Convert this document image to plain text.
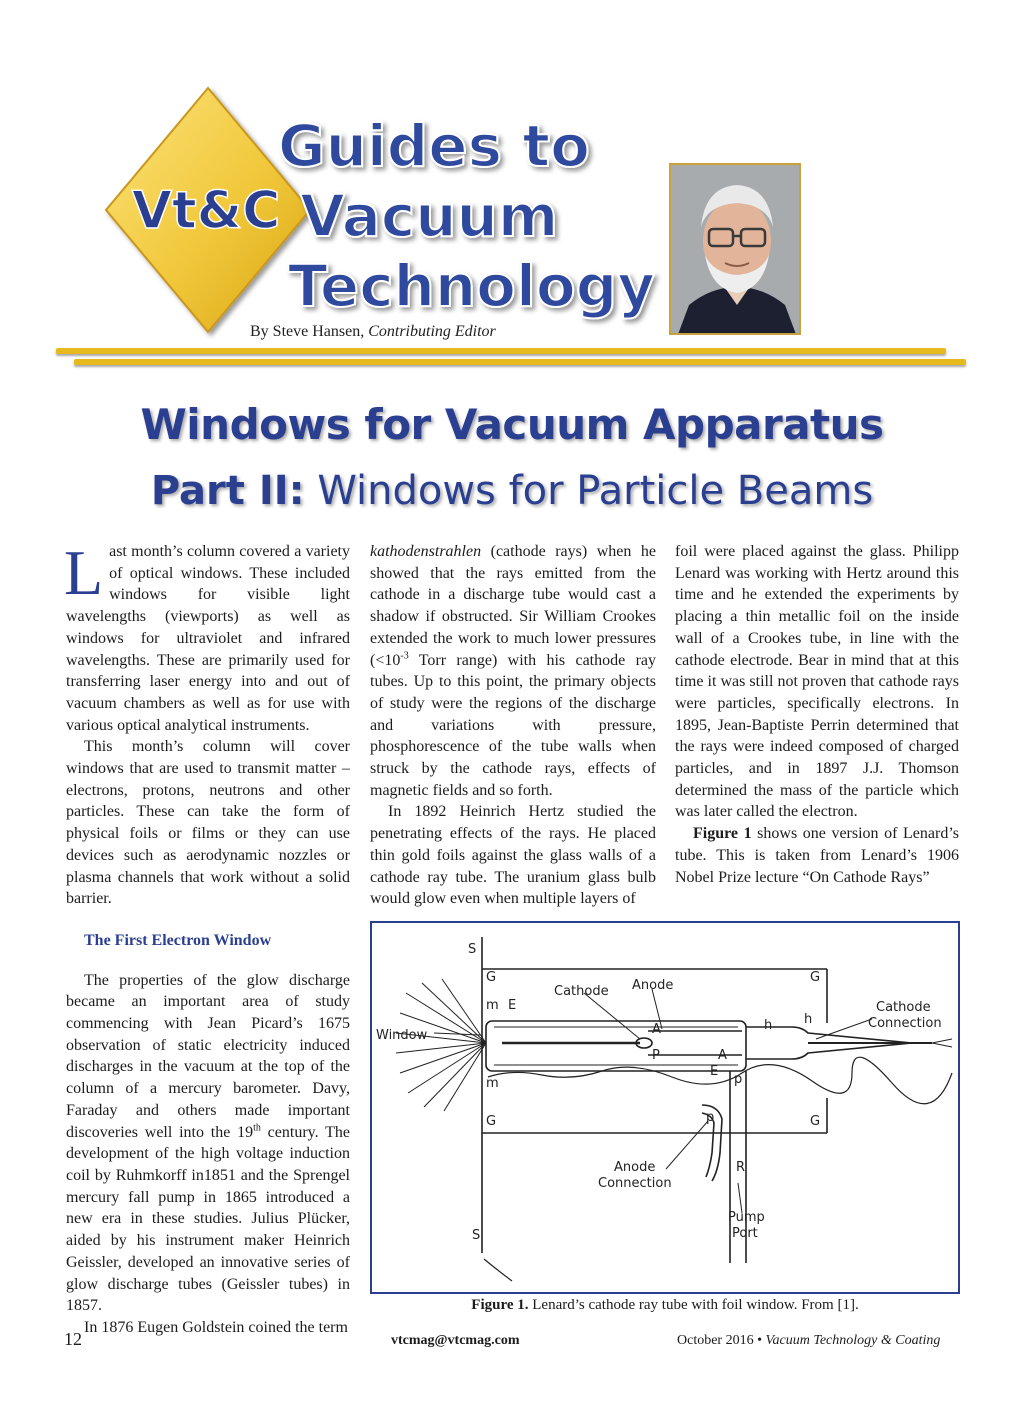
Vt&C
Guides to
Vacuum
Technology
By Steve Hansen, Contributing Editor
Windows for Vacuum Apparatus
Part II: Windows for Particle Beams

Last month’s column covered a variety of optical windows. These included windows for visible light wavelengths (viewports) as well as windows for ultraviolet and infrared wavelengths. These are primarily used for transferring laser energy into and out of vacuum chambers as well as for use with various optical analytical instruments.

This month’s column will cover windows that are used to transmit matter – electrons, protons, neutrons and other particles. These can take the form of physical foils or films or they can use devices such as aerodynamic nozzles or plasma channels that work without a solid barrier.

The First Electron Window

The properties of the glow discharge became an important area of study commencing with Jean Picard’s 1675 observation of static electricity induced discharges in the vacuum at the top of the column of a mercury barometer. Davy, Faraday and others made important discoveries well into the 19th century. The development of the high voltage induction coil by Ruhmkorff in1851 and the Sprengel mercury fall pump in 1865 introduced a new era in these studies. Julius Plücker, aided by his instrument maker Heinrich Geissler, developed an innovative series of glow discharge tubes (Geissler tubes) in 1857.

In 1876 Eugen Goldstein coined the term

kathodenstrahlen (cathode rays) when he showed that the rays emitted from the cathode in a discharge tube would cast a shadow if obstructed. Sir William Crookes extended the work to much lower pressures ($<10^{-3}$ Torr range) with his cathode ray tubes. Up to this point, the primary objects of study were the regions of the discharge and variations with pressure, phosphorescence of the tube walls when struck by the cathode rays, effects of magnetic fields and so forth.

In 1892 Heinrich Hertz studied the penetrating effects of the rays. He placed thin gold foils against the glass walls of a cathode ray tube. The uranium glass bulb would glow even when multiple layers of

foil were placed against the glass. Philipp Lenard was working with Hertz around this time and he extended the experiments by placing a thin metallic foil on the inside wall of a Crookes tube, in line with the cathode electrode. Bear in mind that at this time it was still not proven that cathode rays were particles, specifically electrons. In 1895, Jean-Baptiste Perrin determined that the rays were indeed composed of charged particles, and in 1897 J.J. Thomson determined the mass of the particle which was later called the electron.

Figure 1 shows one version of Lenard’s tube. This is taken from Lenard’s 1906 Nobel Prize lecture “On Cathode Rays”

Cathode Anode
Window
Cathode
Connection
Anode
Connection
Pump
Port
S
S
G	G
G	G
m
m
E
E
A
A
P
p
p
h h
R
Figure 1. Lenard’s cathode ray tube with foil window. From [1].
12	vtcmag@vtcmag.com	October 2016 • Vacuum Technology & Coating
